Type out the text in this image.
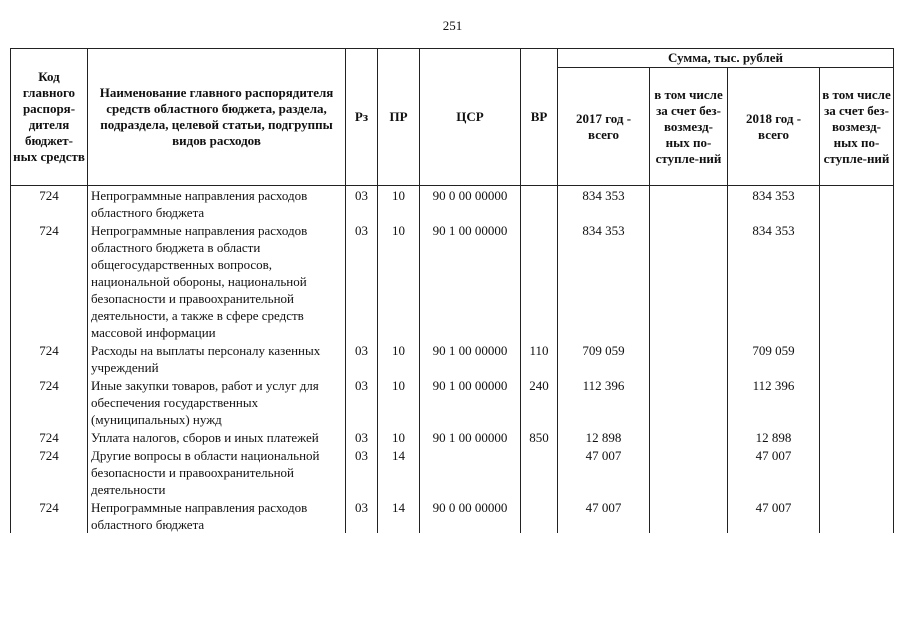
251
Код главного распоря-дителя бюджет-ных средств	Наименование главного распорядителя средств областного бюджета, раздела, подраздела, целевой статьи, подгруппы видов расходов	Рз	ПР	ЦСР	ВР	Сумма, тыс. рублей			
						2017 год - всего	в том числе за счет без-возмезд-ных по-ступле-ний	2018 год - всего	в том числе за счет без-возмезд-ных по-ступле-ний
724	Непрограммные направления расходов областного бюджета	03	10	90 0 00 00000		834 353		834 353	
724	Непрограммные направления расходов областного бюджета в области общегосударственных вопросов, национальной обороны, национальной безопасности и правоохранительной деятельности, а также в сфере средств массовой информации	03	10	90 1 00 00000		834 353		834 353	
724	Расходы на выплаты персоналу казенных учреждений	03	10	90 1 00 00000	110	709 059		709 059	
724	Иные закупки товаров, работ и услуг для обеспечения государственных (муниципальных) нужд	03	10	90 1 00 00000	240	112 396		112 396	
724	Уплата налогов, сборов и иных платежей	03	10	90 1 00 00000	850	12 898		12 898	
724	Другие вопросы в области национальной безопасности и правоохранительной деятельности	03	14			47 007		47 007	
724	Непрограммные направления расходов областного бюджета	03	14	90 0 00 00000		47 007		47 007	
